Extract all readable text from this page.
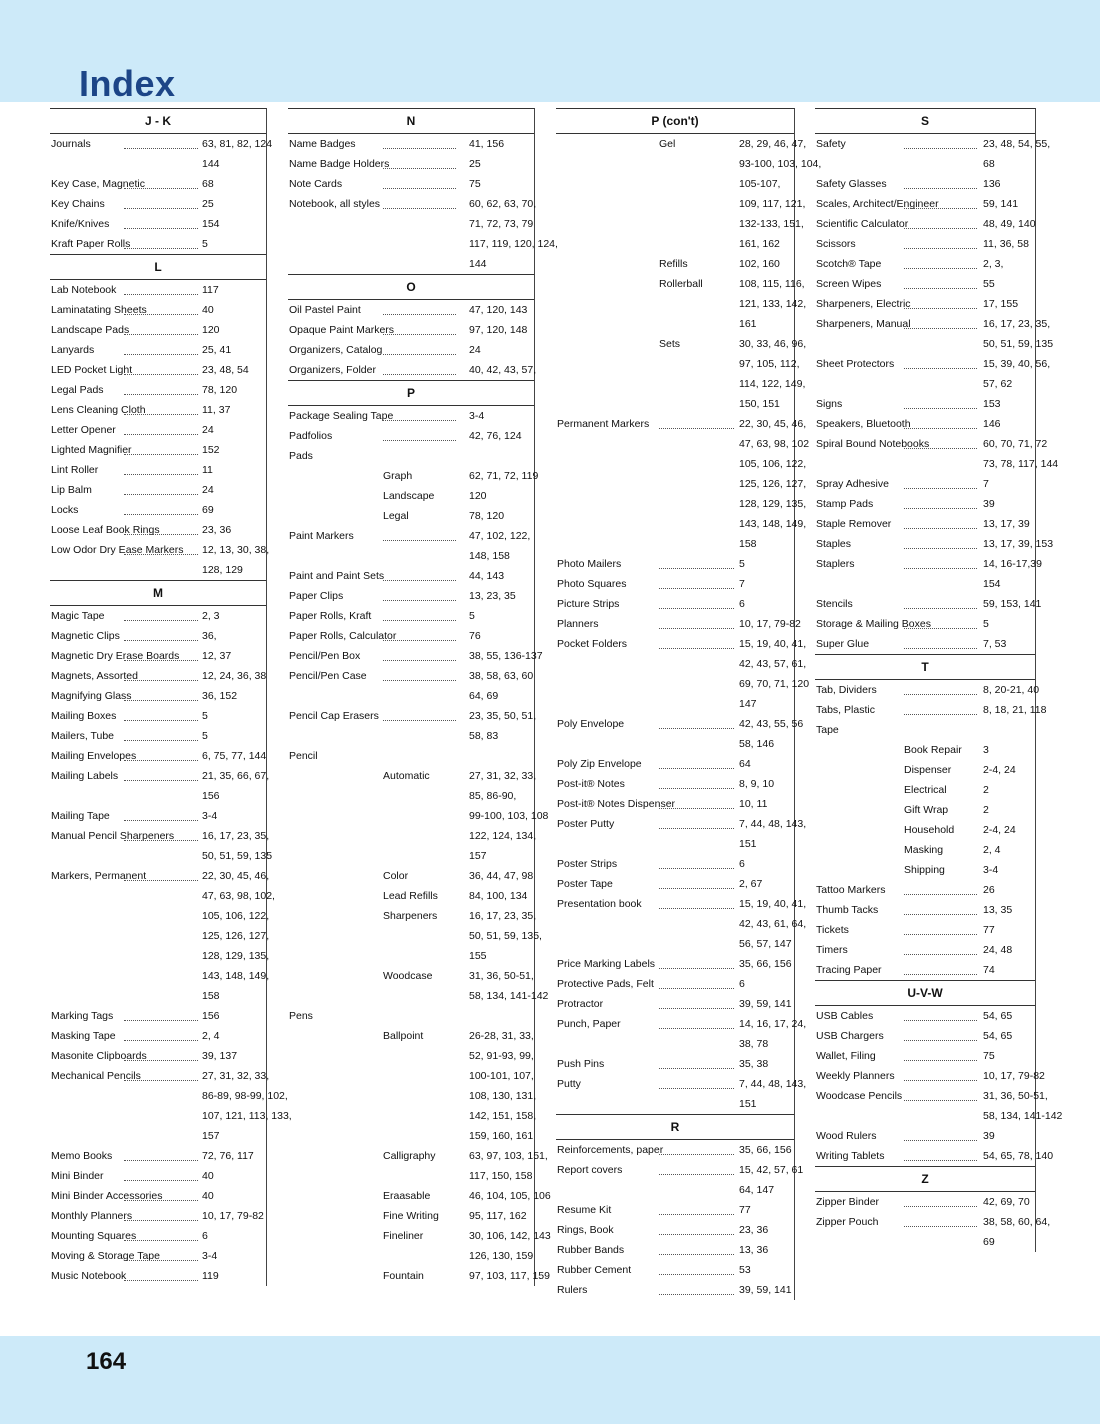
Index
J - K
Journals	63, 81, 82, 124
144
Key Case, Magnetic	68
Key Chains	25
Knife/Knives	154
Kraft Paper Rolls	5
L
Lab Notebook	117
Laminatating Sheets	40
Landscape Pads	120
Lanyards	25, 41
LED Pocket Light	23, 48, 54
Legal Pads	78, 120
Lens Cleaning Cloth	11, 37
Letter Opener	24
Lighted Magnifier	152
Lint Roller	11
Lip Balm	24
Locks	69
Loose Leaf Book Rings	23, 36
Low Odor Dry Ease Markers 12, 13, 30, 38,
128, 129
M
Magic Tape	2, 3
Magnetic Clips	36,
Magnetic Dry Erase Boards 12, 37
Magnets, Assorted	12, 24, 36, 38
Magnifying Glass	36, 152
Mailing Boxes	5
Mailers, Tube	5
Mailing Envelopes	6, 75, 77, 144
Mailing Labels	21, 35, 66, 67,
156
Mailing Tape	3-4
Manual Pencil Sharpeners	16, 17, 23, 35,
50, 51, 59, 135
Markers, Permanent	22, 30, 45, 46,
47, 63, 98, 102,
105, 106, 122,
125, 126, 127,
128, 129, 135,
143, 148, 149,
158
Marking Tags	156
Masking Tape	2, 4
Masonite Clipboards	39, 137
Mechanical Pencils	27, 31, 32, 33,
86-89, 98-99, 102,
107, 121, 113, 133,
157
Memo Books	72, 76, 117
Mini Binder	40
Mini Binder Accessories	40
Monthly Planners	10, 17, 79-82
Mounting Squares	6
Moving & Storage Tape	3-4
Music Notebook	119
N
Name Badges	41, 156
Name Badge Holders	25
Note Cards	75
Notebook, all styles	60, 62, 63, 70,
71, 72, 73, 79
117, 119, 120, 124,
144
O
Oil Pastel Paint	47, 120, 143
Opaque Paint Markers	97, 120, 148
Organizers, Catalog	24
Organizers, Folder	40, 42, 43, 57,
P
Package Sealing Tape	3-4
Padfolios	42, 76, 124
Pads
Graph	62, 71, 72, 119
Landscape	120
Legal	78, 120
Paint Markers	47, 102, 122,
148, 158
Paint and Paint Sets	44, 143
Paper Clips	13, 23, 35
Paper Rolls, Kraft	5
Paper Rolls, Calculator	76
Pencil/Pen Box	38, 55, 136-137
Pencil/Pen Case	38, 58, 63, 60
64, 69
Pencil Cap Erasers	23, 35, 50, 51,
58, 83
Pencil
Automatic	27, 31, 32, 33,
85, 86-90,
99-100, 103, 108
122, 124, 134,
157
Color	36, 44, 47, 98
Lead Refills	84, 100, 134
Sharpeners	16, 17, 23, 35,
50, 51, 59, 135,
155
Woodcase	31, 36, 50-51,
58, 134, 141-142
Pens
Ballpoint	26-28, 31, 33,
52, 91-93, 99,
100-101, 107,
108, 130, 131,
142, 151, 158,
159, 160, 161
Calligraphy	63, 97, 103, 151,
117, 150, 158
Eraasable	46, 104, 105, 106
Fine Writing	95, 117, 162
Fineliner	30, 106, 142, 143
126, 130, 159
Fountain	97, 103, 117, 159
P (con't)
Gel	28, 29, 46, 47,
93-100, 103, 104,
105-107,
109, 117, 121,
132-133, 151,
161, 162
Refills	102, 160
Rollerball	108, 115, 116,
121, 133, 142,
161
Sets	30, 33, 46, 96,
97, 105, 112,
114, 122, 149,
150, 151
Permanent Markers	22, 30, 45, 46,
47, 63, 98, 102
105, 106, 122,
125, 126, 127,
128, 129, 135,
143, 148, 149,
158
Photo Mailers	5
Photo Squares	7
Picture Strips	6
Planners	10, 17, 79-82
Pocket Folders	15, 19, 40, 41,
42, 43, 57, 61,
69, 70, 71, 120
147
Poly Envelope	42, 43, 55, 56
58, 146
Poly Zip Envelope	64
Post-it® Notes	8, 9, 10
Post-it® Notes Dispenser	10, 11
Poster Putty	7, 44, 48, 143,
151
Poster Strips	6
Poster Tape	2, 67
Presentation book	15, 19, 40, 41,
42, 43, 61, 64,
56, 57, 147
Price Marking Labels	35, 66, 156
Protective Pads, Felt	6
Protractor	39, 59, 141
Punch, Paper	14, 16, 17, 24,
38, 78
Push Pins	35, 38
Putty	7, 44, 48, 143,
151
R
Reinforcements, paper	35, 66, 156
Report covers	15, 42, 57, 61
64, 147
Resume Kit	77
Rings, Book	23, 36
Rubber Bands	13, 36
Rubber Cement	53
Rulers	39, 59, 141
S
Safety	23, 48, 54, 55,
68
Safety Glasses	136
Scales, Architect/Engineer	59, 141
Scientific Calculator	48, 49, 140
Scissors	11, 36, 58
Scotch® Tape	2, 3,
Screen Wipes	55
Sharpeners, Electric	17, 155
Sharpeners, Manual	16, 17, 23, 35,
50, 51, 59, 135
Sheet Protectors	15, 39, 40, 56,
57, 62
Signs	153
Speakers, Bluetooth	146
Spiral Bound Notebooks	60, 70, 71, 72
73, 78, 117, 144
Spray Adhesive	7
Stamp Pads	39
Staple Remover	13, 17, 39
Staples	13, 17, 39, 153
Staplers	14, 16-17,39
154
Stencils	59, 153, 141
Storage & Mailing Boxes	5
Super Glue	7, 53
T
Tab, Dividers	8, 20-21, 40
Tabs, Plastic	8, 18, 21, 118
Tape
Book Repair 3
Dispenser	2-4, 24
Electrical	2
Gift Wrap	2
Household	2-4, 24
Masking	2, 4
Shipping	3-4
Tattoo Markers	26
Thumb Tacks	13, 35
Tickets	77
Timers	24, 48
Tracing Paper	74
U-V-W
USB Cables	54, 65
USB Chargers	54, 65
Wallet, Filing	75
Weekly Planners	10, 17, 79-82
Woodcase Pencils	31, 36, 50-51,
58, 134, 141-142
Wood Rulers	39
Writing Tablets	54, 65, 78, 140
Z
Zipper Binder	42, 69, 70
Zipper Pouch	38, 58, 60, 64,
69
164
